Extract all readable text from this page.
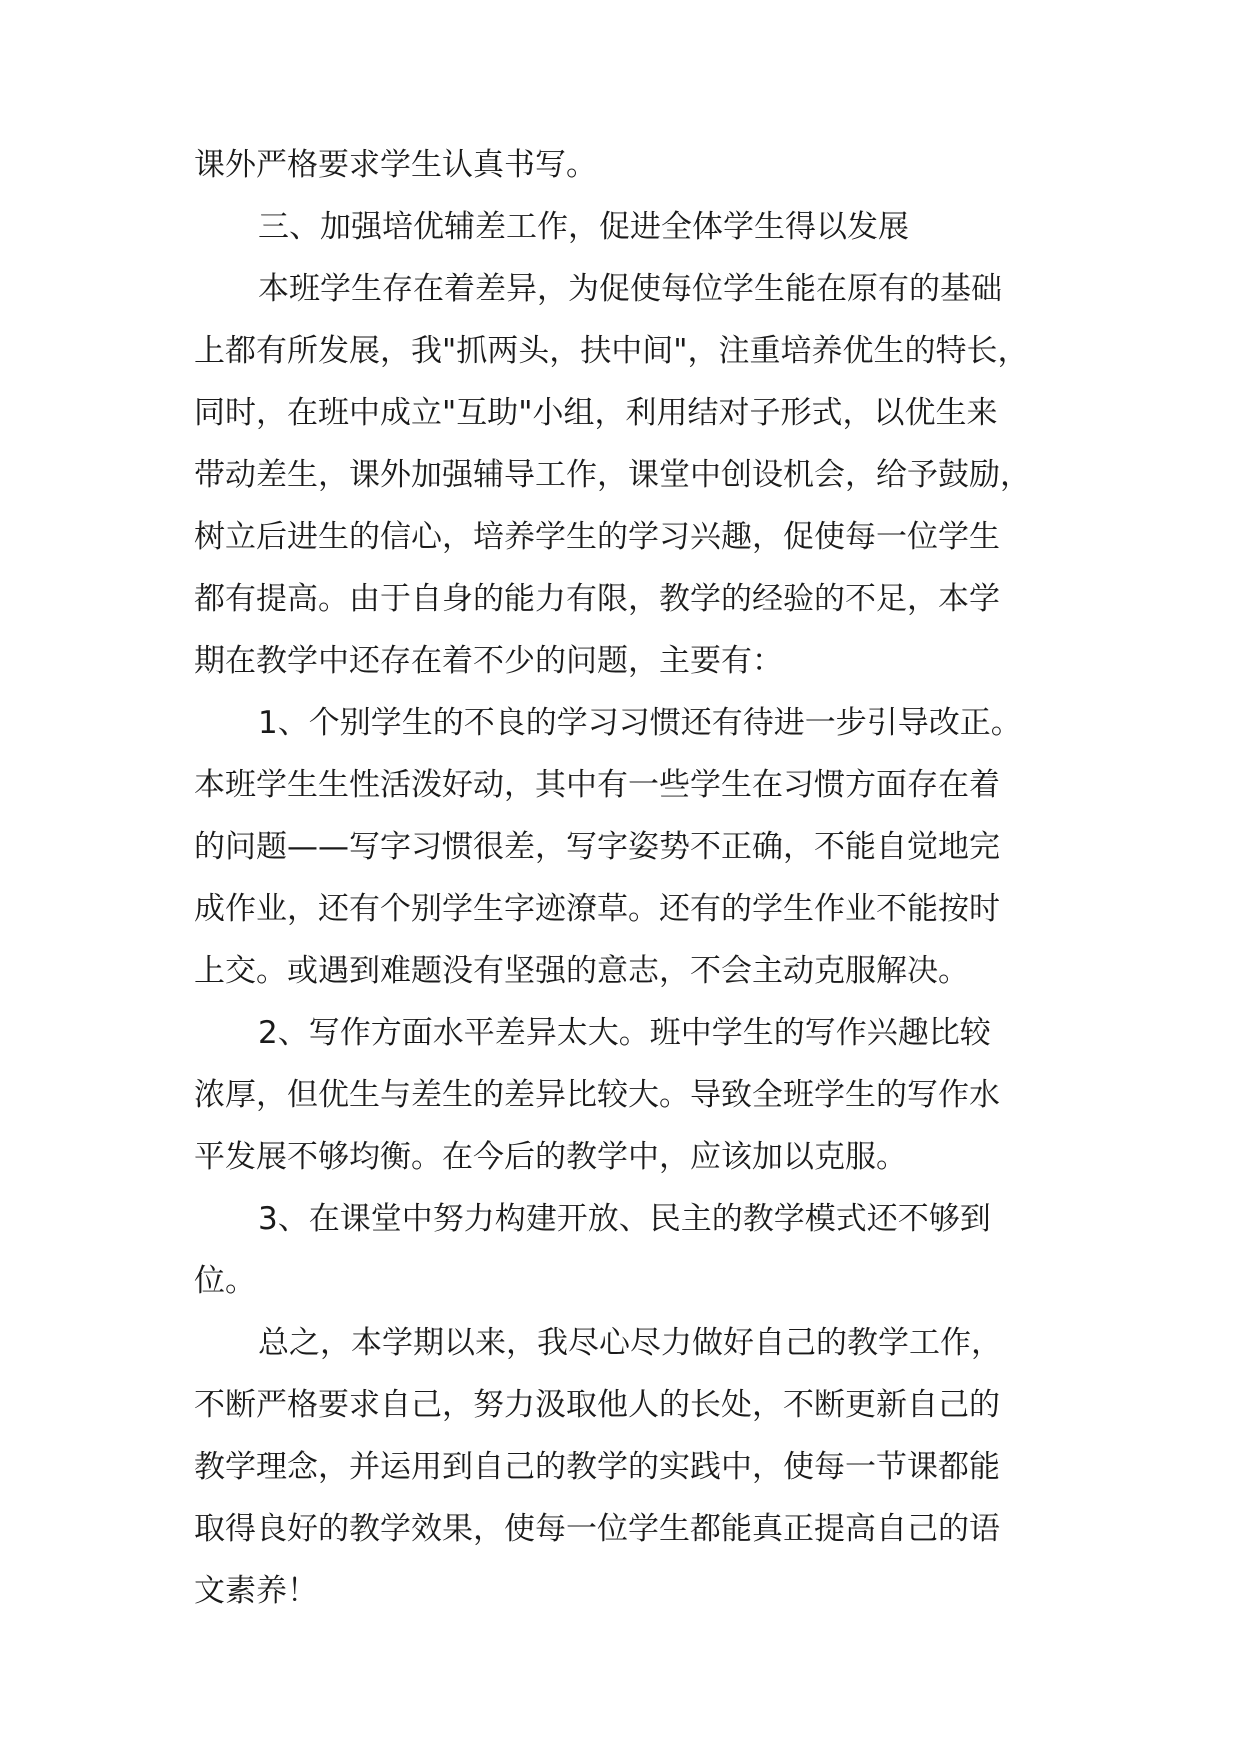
课外严格要求学生认真书写。
三、加强培优辅差工作，促进全体学生得以发展
本班学生存在着差异，为促使每位学生能在原有的基础
上都有所发展，我"抓两头，扶中间"，注重培养优生的特长，
同时，在班中成立"互助"小组，利用结对子形式，以优生来
带动差生，课外加强辅导工作，课堂中创设机会，给予鼓励，
树立后进生的信心，培养学生的学习兴趣，促使每一位学生
都有提高。由于自身的能力有限，教学的经验的不足，本学
期在教学中还存在着不少的问题，主要有：
1、个别学生的不良的学习习惯还有待进一步引导改正。
本班学生生性活泼好动，其中有一些学生在习惯方面存在着
的问题——写字习惯很差，写字姿势不正确，不能自觉地完
成作业，还有个别学生字迹潦草。还有的学生作业不能按时
上交。或遇到难题没有坚强的意志，不会主动克服解决。
2、写作方面水平差异太大。班中学生的写作兴趣比较
浓厚，但优生与差生的差异比较大。导致全班学生的写作水
平发展不够均衡。在今后的教学中，应该加以克服。
3、在课堂中努力构建开放、民主的教学模式还不够到
位。
总之，本学期以来，我尽心尽力做好自己的教学工作，
不断严格要求自己，努力汲取他人的长处，不断更新自己的
教学理念，并运用到自己的教学的实践中，使每一节课都能
取得良好的教学效果，使每一位学生都能真正提高自己的语
文素养！
